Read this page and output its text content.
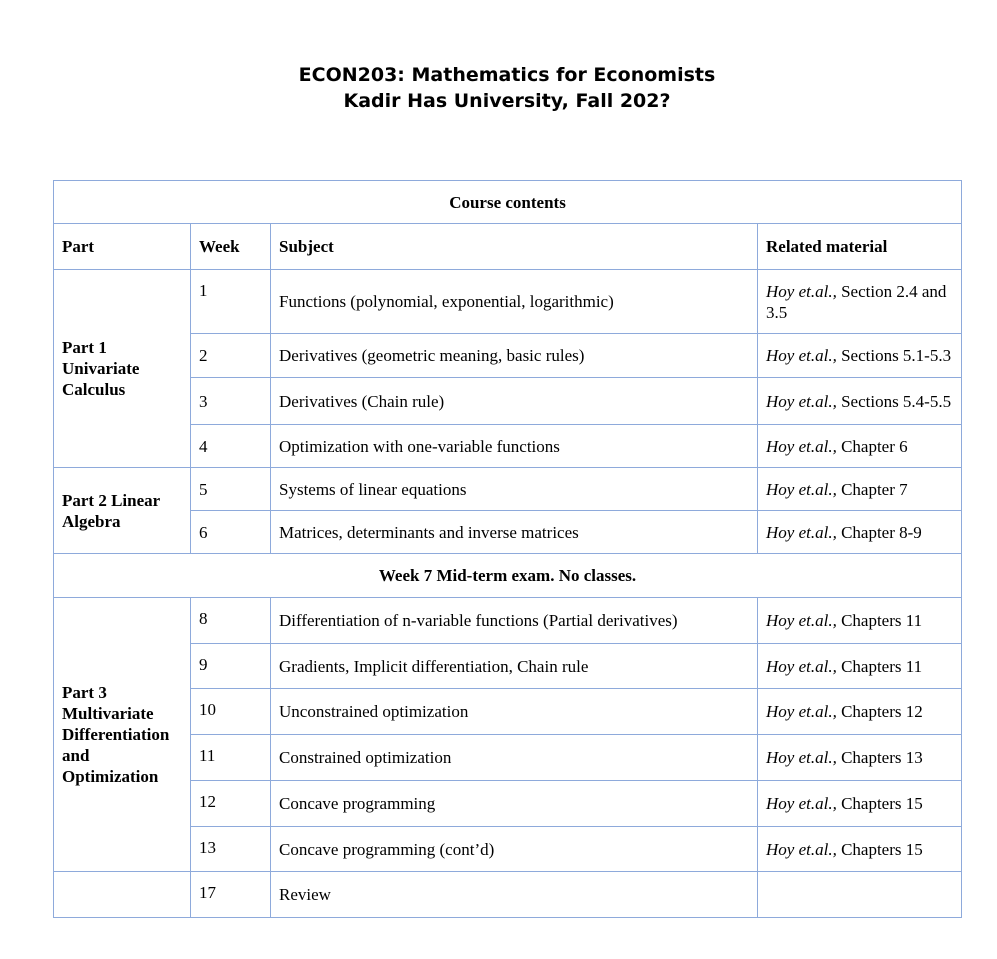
ECON203: Mathematics for Economists
Kadir Has University, Fall 202?
Course contents			
Part	Week	Subject	Related material

Part 1
Univariate
Calculus	1	Functions (polynomial, exponential, logarithmic)	Hoy et.al., Section 2.4 and 3.5
	2	Derivatives (geometric meaning, basic rules)	Hoy et.al., Sections 5.1-5.3
	3	Derivatives (Chain rule)	Hoy et.al., Sections 5.4-5.5
	4	Optimization with one-variable functions	Hoy et.al., Chapter 6

Part 2 Linear
Algebra	5	Systems of linear equations	Hoy et.al., Chapter 7
	6	Matrices, determinants and inverse matrices	Hoy et.al., Chapter 8-9
Week 7 Mid-term exam. No classes.			

Part 3
Multivariate
Differentiation
and
Optimization	8	Differentiation of n-variable functions (Partial derivatives)	Hoy et.al., Chapters 11
	9	Gradients, Implicit differentiation, Chain rule	Hoy et.al., Chapters 11
	10	Unconstrained optimization	Hoy et.al., Chapters 12
	11	Constrained optimization	Hoy et.al., Chapters 13
	12	Concave programming	Hoy et.al., Chapters 15
	13	Concave programming (cont’d)	Hoy et.al., Chapters 15
	17	Review	
